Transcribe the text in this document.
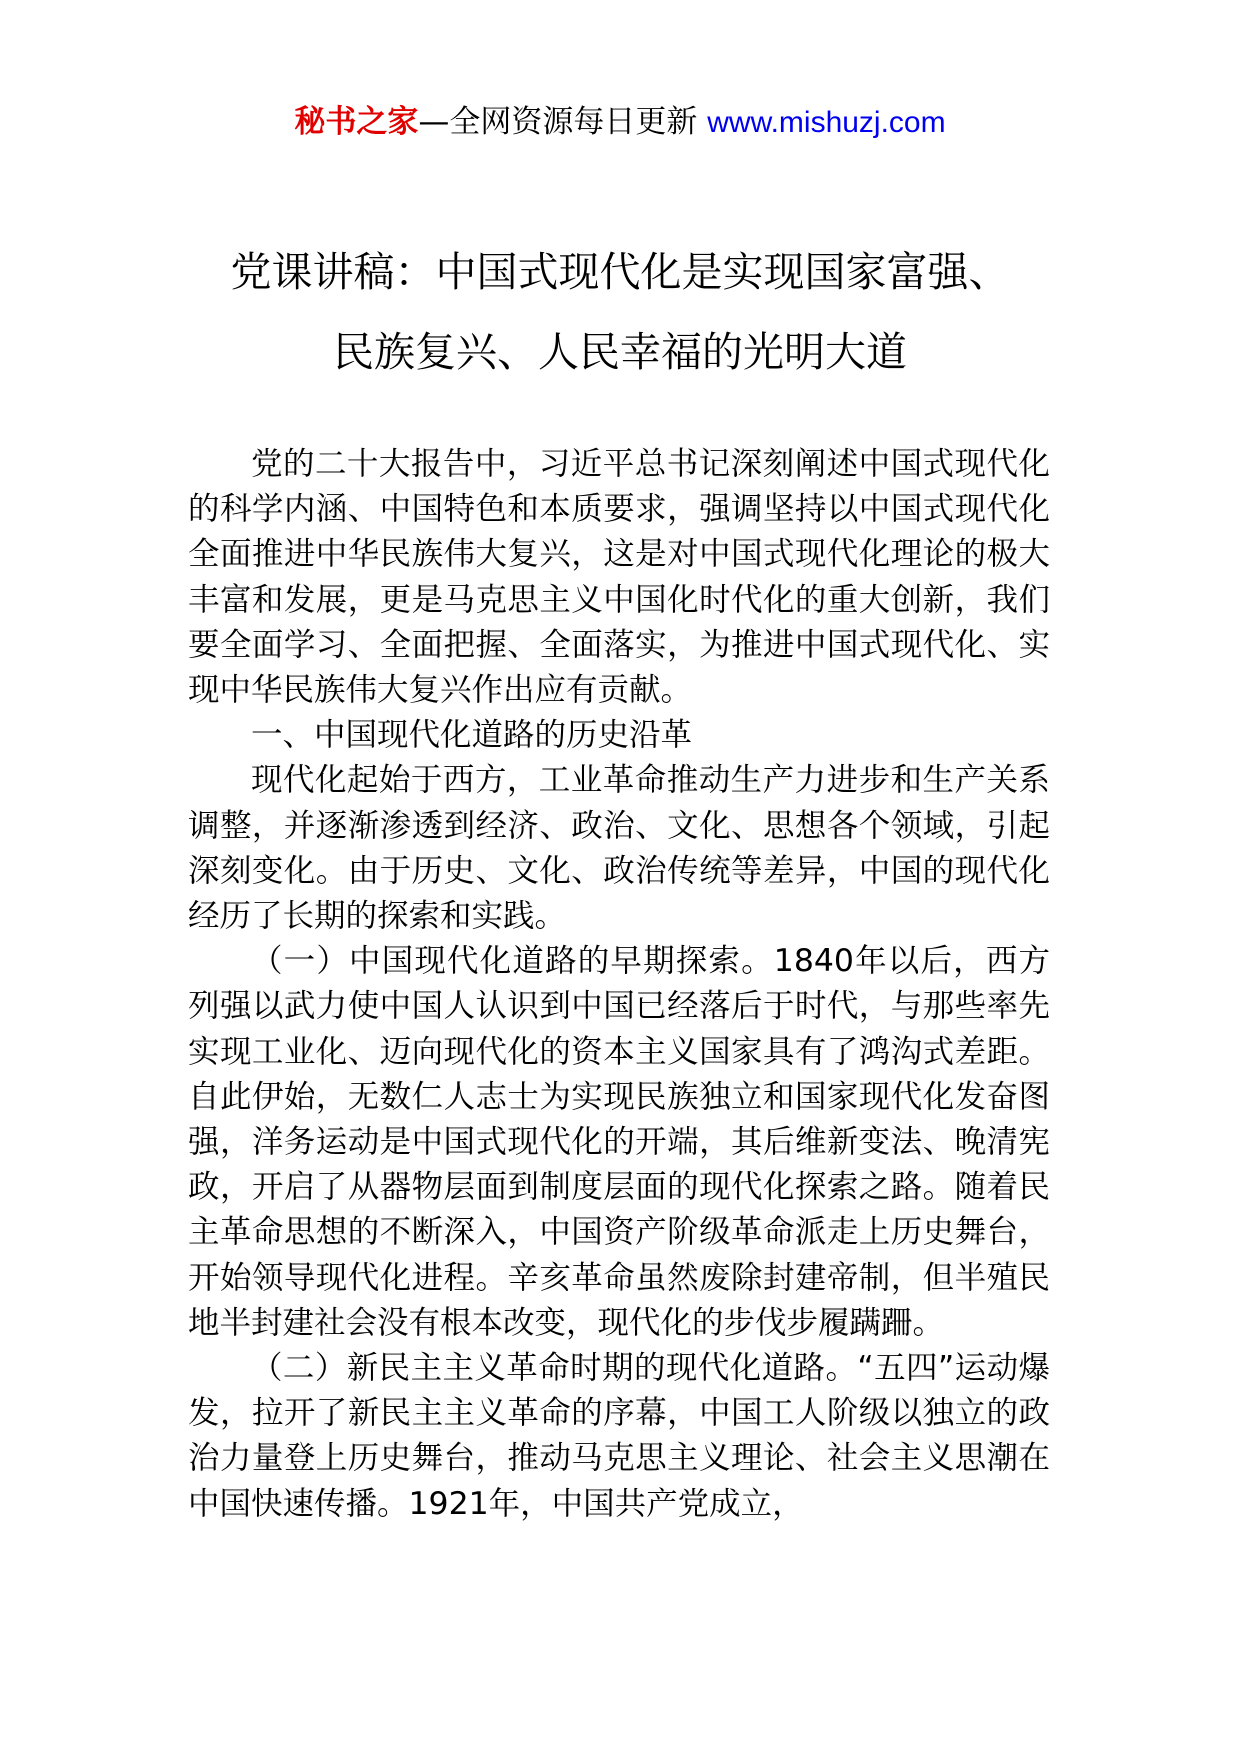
秘书之家—全网资源每日更新 www.mishuzj.com
党课讲稿：中国式现代化是实现国家富强、
民族复兴、人民幸福的光明大道

党的二十大报告中，习近平总书记深刻阐述中国式现代化的科学内涵、中国特色和本质要求，强调坚持以中国式现代化全面推进中华民族伟大复兴，这是对中国式现代化理论的极大丰富和发展，更是马克思主义中国化时代化的重大创新，我们要全面学习、全面把握、全面落实，为推进中国式现代化、实现中华民族伟大复兴作出应有贡献。

一、中国现代化道路的历史沿革

现代化起始于西方，工业革命推动生产力进步和生产关系调整，并逐渐渗透到经济、政治、文化、思想各个领域，引起深刻变化。由于历史、文化、政治传统等差异，中国的现代化经历了长期的探索和实践。

（一）中国现代化道路的早期探索。1840年以后，西方列强以武力使中国人认识到中国已经落后于时代，与那些率先实现工业化、迈向现代化的资本主义国家具有了鸿沟式差距。自此伊始，无数仁人志士为实现民族独立和国家现代化发奋图强，洋务运动是中国式现代化的开端，其后维新变法、晚清宪政，开启了从器物层面到制度层面的现代化探索之路。随着民主革命思想的不断深入，中国资产阶级革命派走上历史舞台，开始领导现代化进程。辛亥革命虽然废除封建帝制，但半殖民地半封建社会没有根本改变，现代化的步伐步履蹒跚。

（二）新民主主义革命时期的现代化道路。“五四”运动爆发，拉开了新民主主义革命的序幕，中国工人阶级以独立的政治力量登上历史舞台，推动马克思主义理论、社会主义思潮在中国快速传播。1921年，中国共产党成立，
